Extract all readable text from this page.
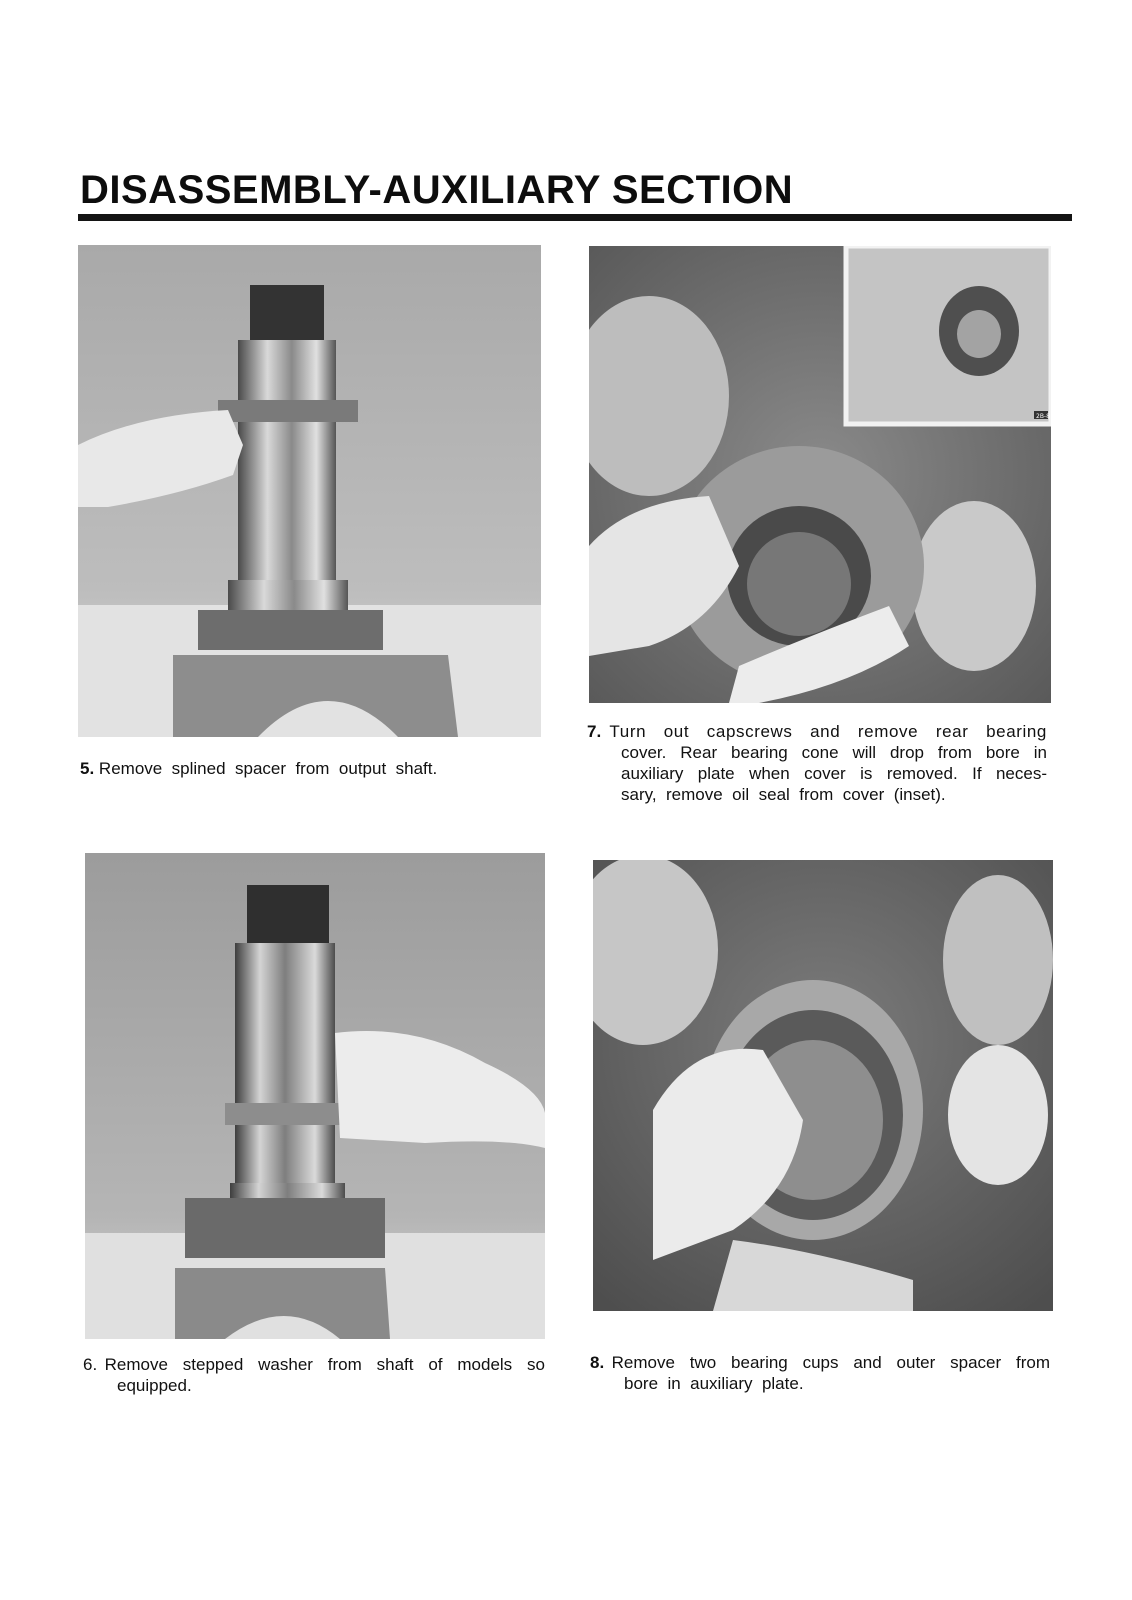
DISASSEMBLY-AUXILIARY SECTION
5. Remove  splined  spacer  from  output  shaft.
2B-8
7. Turn  out  capscrews  and  remove  rear  bearing
cover.  Rear  bearing  cone  will  drop  from  bore  in
auxiliary  plate  when  cover  is  removed.  If  neces-
sary,  remove  oil  seal  from  cover  (inset).
6. Remove  stepped  washer  from  shaft  of  models  so
equipped.
8. Remove  two  bearing  cups  and  outer  spacer  from
bore  in  auxiliary  plate.
